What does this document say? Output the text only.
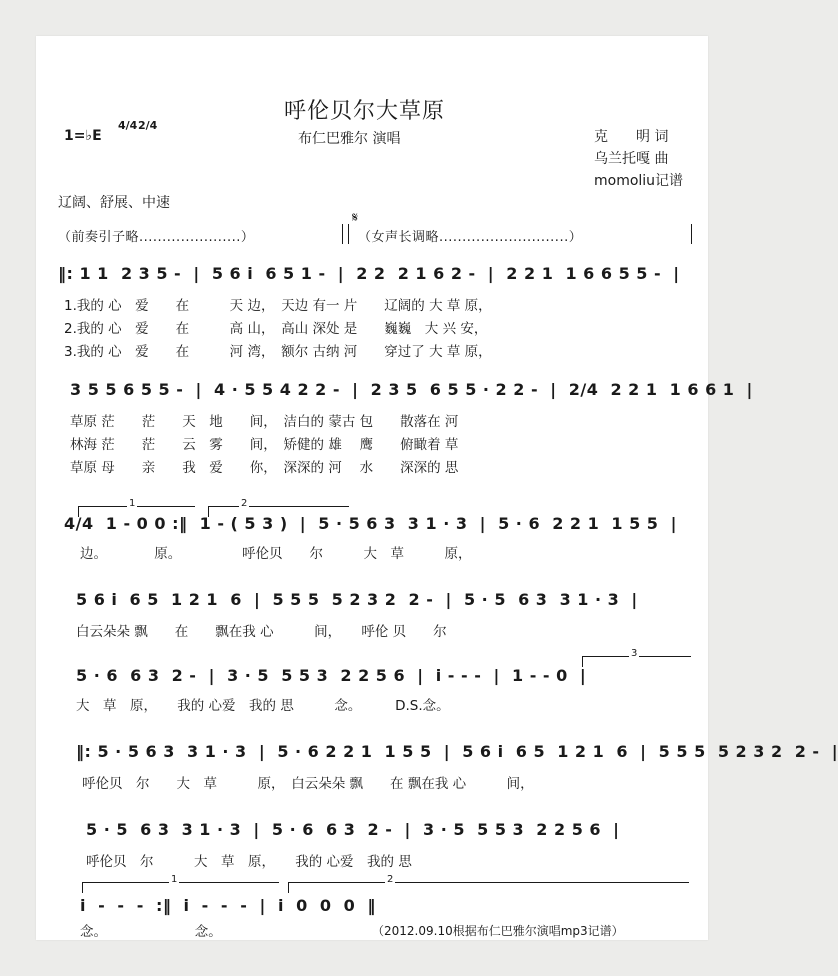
呼伦贝尔大草原
1=♭E
4/4 2/4
布仁巴雅尔 演唱	克　　明 词
乌兰托嘎 曲
momoliu记谱
辽阔、舒展、中速
（前奏引子略......................）
𝄋
（女声长调略............................）
‖: 1 1  2 3 5 -  |  5 6 i  6 5 1 -  |  2 2  2 1 6 2 -  |  2 2 1  1 6 6 5 5 -  |
1.我的 心　爱　　在　　　天 边，　天边 有一 片　　辽阔的 大 草 原，
2.我的 心　爱　　在　　　高 山，　高山 深处 是　　巍巍　大 兴 安，
3.我的 心　爱　　在　　　河 湾，　额尔 古纳 河　　穿过了 大 草 原，
3 5 5 6 5 5 -  |  4 · 5 5 4 2 2 -  |  2 3 5  6 5 5 · 2 2 -  |  2/4  2 2 1  1 6 6 1  |
草原 茫　　茫　　天　地　　间，　洁白的 蒙古 包　　散落在 河
林海 茫　　茫　　云　雾　　间，　矫健的 雄　 鹰　　俯瞰着 草
草原 母　　亲　　我　爱　　你，　深深的 河　 水　　深深的 思
1	2
4/4  1 - 0 0 :‖  1 - ( 5 3 )  |  5 · 5 6 3  3 1 · 3  |  5 · 6  2 2 1  1 5 5  |
边。　　　　原。　　　　　呼伦贝　　尔　　　大　草　　　原，
5 6 i  6 5  1 2 1  6  |  5 5 5  5 2 3 2  2 -  |  5 · 5  6 3  3 1 · 3  |
白云朵朵 飘　　在　　飘在我 心　　　间，　　呼伦 贝　　尔
3
5 · 6  6 3  2 -  |  3 · 5  5 5 3  2 2 5 6  |  i - - -  |  1 - - 0  |
大　草　原，　　我的 心爱　我的 思　　　念。　　　D.S.念。
‖: 5 · 5 6 3  3 1 · 3  |  5 · 6 2 2 1  1 5 5  |  5 6 i  6 5  1 2 1  6  |  5 5 5  5 2 3 2  2 -  |
呼伦贝　尔　　大　草　　　原，　白云朵朵 飘　　在 飘在我 心　　　间，
5 · 5  6 3  3 1 · 3  |  5 · 6  6 3  2 -  |  3 · 5  5 5 3  2 2 5 6  |
呼伦贝　尔　　　大　草　原，　　我的 心爱　我的 思
1	2
i  -  -  -  :‖  i  -  -  -  |  i  0  0  0  ‖
念。　　　　　　　念。	（2012.09.10根据布仁巴雅尔演唱mp3记谱）
